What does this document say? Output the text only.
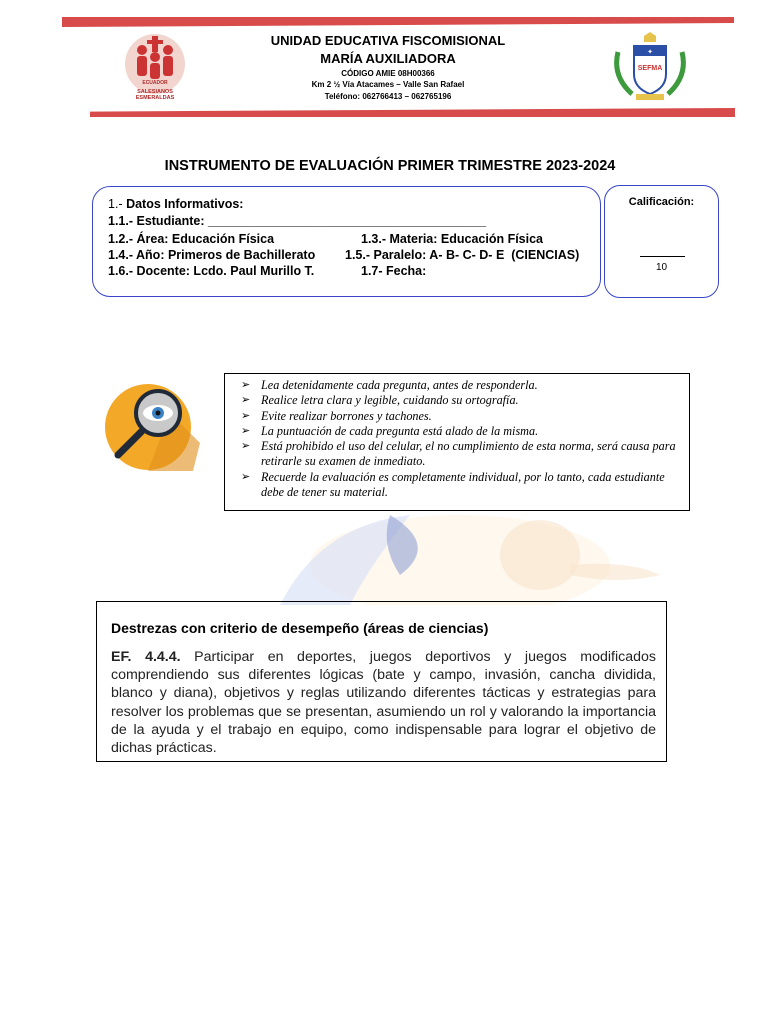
ECUADOR
SALESIANOS ESMERALDAS
✦
SEFMA
UNIDAD EDUCATIVA FISCOMISIONAL
MARÍA AUXILIADORA
CÓDIGO AMIE 08H00366
Km 2 ½ Vía Atacames – Valle San Rafael
Teléfono: 062766413 – 062765196
INSTRUMENTO DE EVALUACIÓN PRIMER TRIMESTRE 2023-2024
1.- Datos Informativos:
1.1.- Estudiante: ________________________________________
1.2.- Área: Educación Física	1.3.- Materia: Educación Física
1.4.- Año: Primeros de Bachillerato 1.5.- Paralelo: A- B- C- D- E  (CIENCIAS)
1.6.- Docente: Lcdo. Paul Murillo T.	1.7- Fecha:
Calificación:
10
➢ Lea detenidamente cada pregunta, antes de responderla.
➢ Realice letra clara y legible, cuidando su ortografía.
➢ Evite realizar borrones y tachones.
➢ La puntuación de cada pregunta está alado de la misma.
➢ Está prohibido el uso del celular, el no cumplimiento de esta norma, será causa para retirarle su examen de inmediato.
➢ Recuerde la evaluación es completamente individual, por lo tanto, cada estudiante debe de tener su material.

Destrezas con criterio de desempeño (áreas de ciencias)

EF. 4.4.4. Participar en deportes, juegos deportivos y juegos modificados comprendiendo sus diferentes lógicas (bate y campo, invasión, cancha dividida, blanco y diana), objetivos y reglas utilizando diferentes tácticas y estrategias para resolver los problemas que se presentan, asumiendo un rol y valorando la importancia de la ayuda y el trabajo en equipo, como indispensable para lograr el objetivo de dichas prácticas.
